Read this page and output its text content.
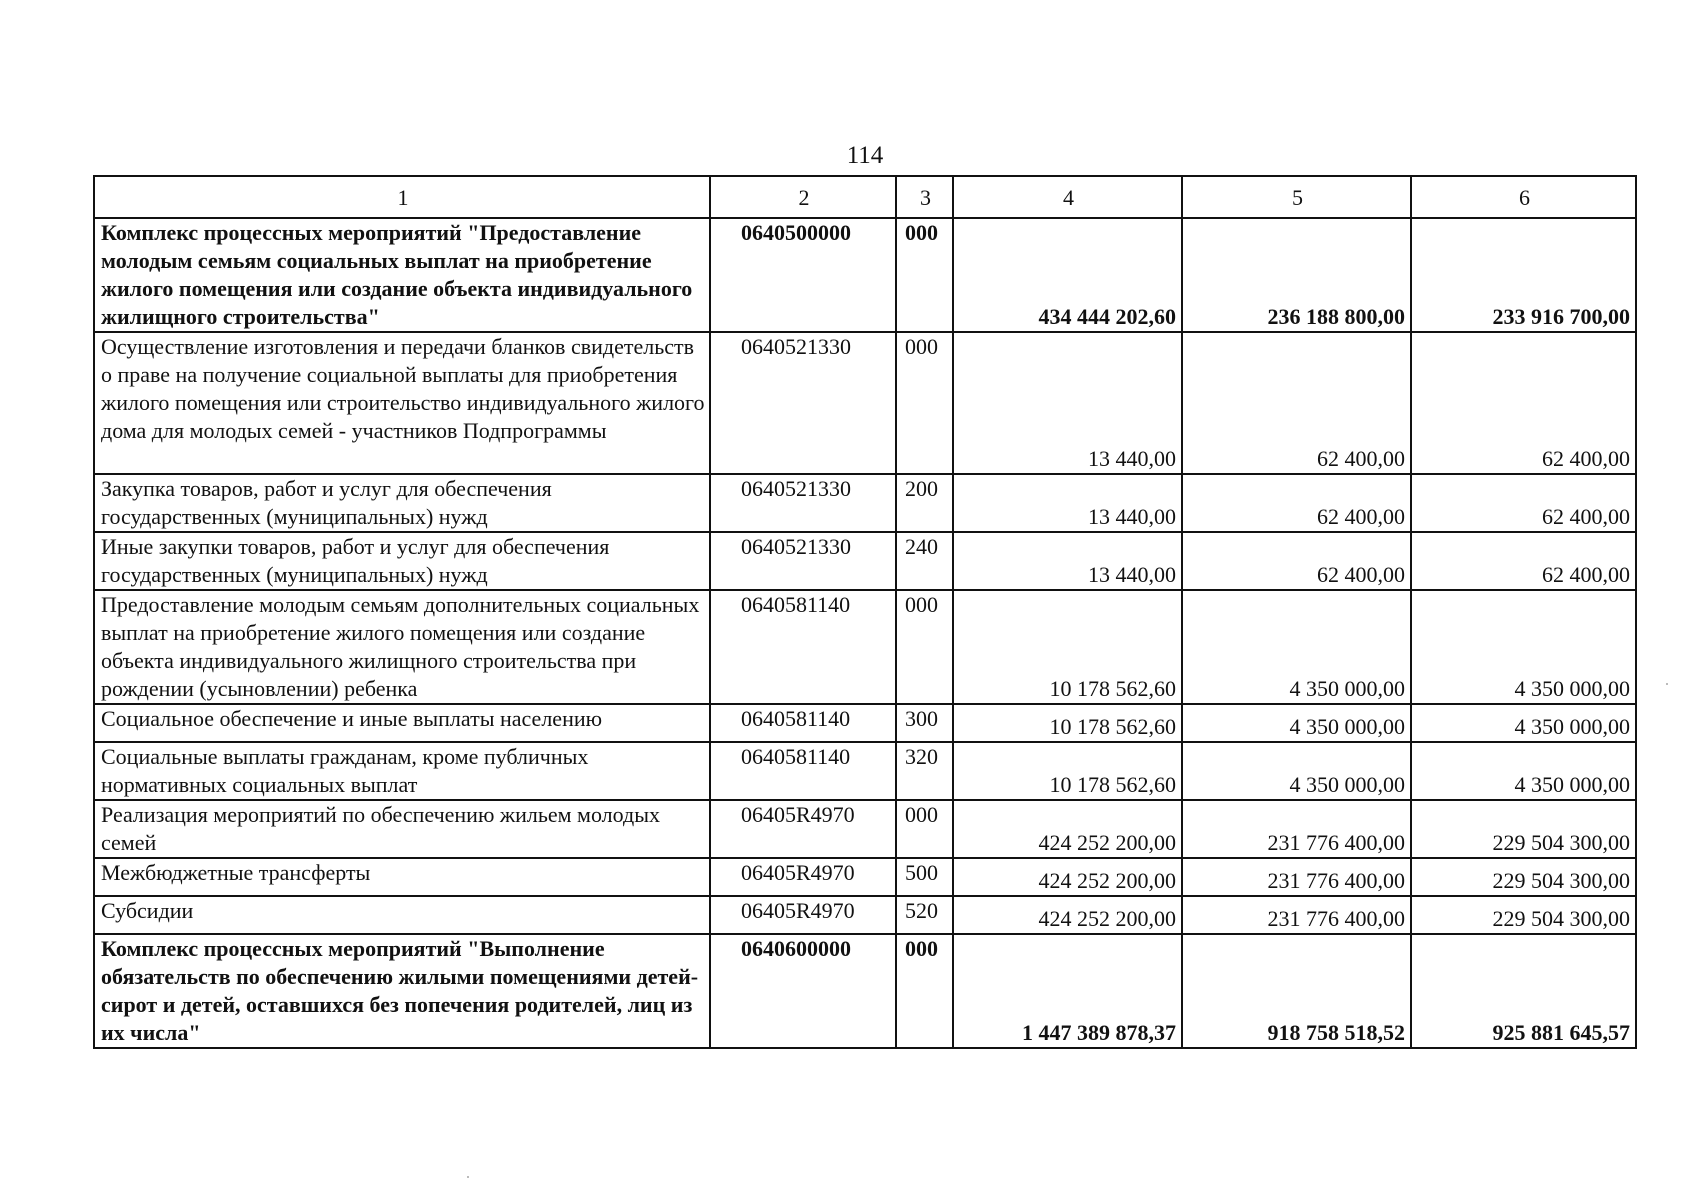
114
1	2	3	4	5	6
Комплекс процессных мероприятий "Предоставление молодым семьям социальных выплат на приобретение жилого помещения или создание объекта индивидуального жилищного строительства"	0640500000	000	434 444 202,60	236 188 800,00	233 916 700,00
Осуществление изготовления и передачи бланков свидетельств о праве на получение социальной выплаты для приобретения жилого помещения или строительство индивидуального жилого дома для молодых семей - участников Подпрограммы	0640521330	000	13 440,00	62 400,00	62 400,00
Закупка товаров, работ и услуг для обеспечения государственных (муниципальных) нужд	0640521330	200	13 440,00	62 400,00	62 400,00
Иные закупки товаров, работ и услуг для обеспечения государственных (муниципальных) нужд	0640521330	240	13 440,00	62 400,00	62 400,00
Предоставление молодым семьям дополнительных социальных выплат на приобретение жилого помещения или создание объекта индивидуального жилищного строительства при рождении (усыновлении) ребенка	0640581140	000	10 178 562,60	4 350 000,00	4 350 000,00
Социальное обеспечение и иные выплаты населению	0640581140	300	10 178 562,60	4 350 000,00	4 350 000,00
Социальные выплаты гражданам, кроме публичных нормативных социальных выплат	0640581140	320	10 178 562,60	4 350 000,00	4 350 000,00
Реализация мероприятий по обеспечению жильем молодых семей	06405R4970	000	424 252 200,00	231 776 400,00	229 504 300,00
Межбюджетные трансферты	06405R4970	500	424 252 200,00	231 776 400,00	229 504 300,00
Субсидии	06405R4970	520	424 252 200,00	231 776 400,00	229 504 300,00
Комплекс процессных мероприятий "Выполнение обязательств по обеспечению жилыми помещениями детей-сирот и детей, оставшихся без попечения родителей, лиц из их числа"	0640600000	000	1 447 389 878,37	918 758 518,52	925 881 645,57
